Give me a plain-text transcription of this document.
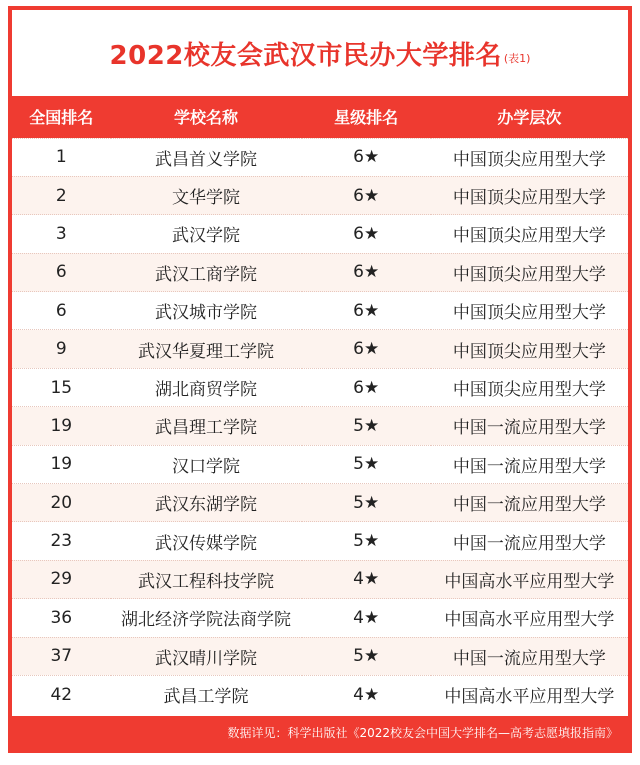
2022校友会武汉市民办大学排名 (表1)
全国排名	学校名称	星级排名	办学层次
1	武昌首义学院	6★	中国顶尖应用型大学
2	文华学院	6★	中国顶尖应用型大学
3	武汉学院	6★	中国顶尖应用型大学
6	武汉工商学院	6★	中国顶尖应用型大学
6	武汉城市学院	6★	中国顶尖应用型大学
9	武汉华夏理工学院	6★	中国顶尖应用型大学
15	湖北商贸学院	6★	中国顶尖应用型大学
19	武昌理工学院	5★	中国一流应用型大学
19	汉口学院	5★	中国一流应用型大学
20	武汉东湖学院	5★	中国一流应用型大学
23	武汉传媒学院	5★	中国一流应用型大学
29	武汉工程科技学院	4★	中国高水平应用型大学
36	湖北经济学院法商学院	4★	中国高水平应用型大学
37	武汉晴川学院	5★	中国一流应用型大学
42	武昌工学院	4★	中国高水平应用型大学
数据详见：科学出版社《2022校友会中国大学排名—高考志愿填报指南》
